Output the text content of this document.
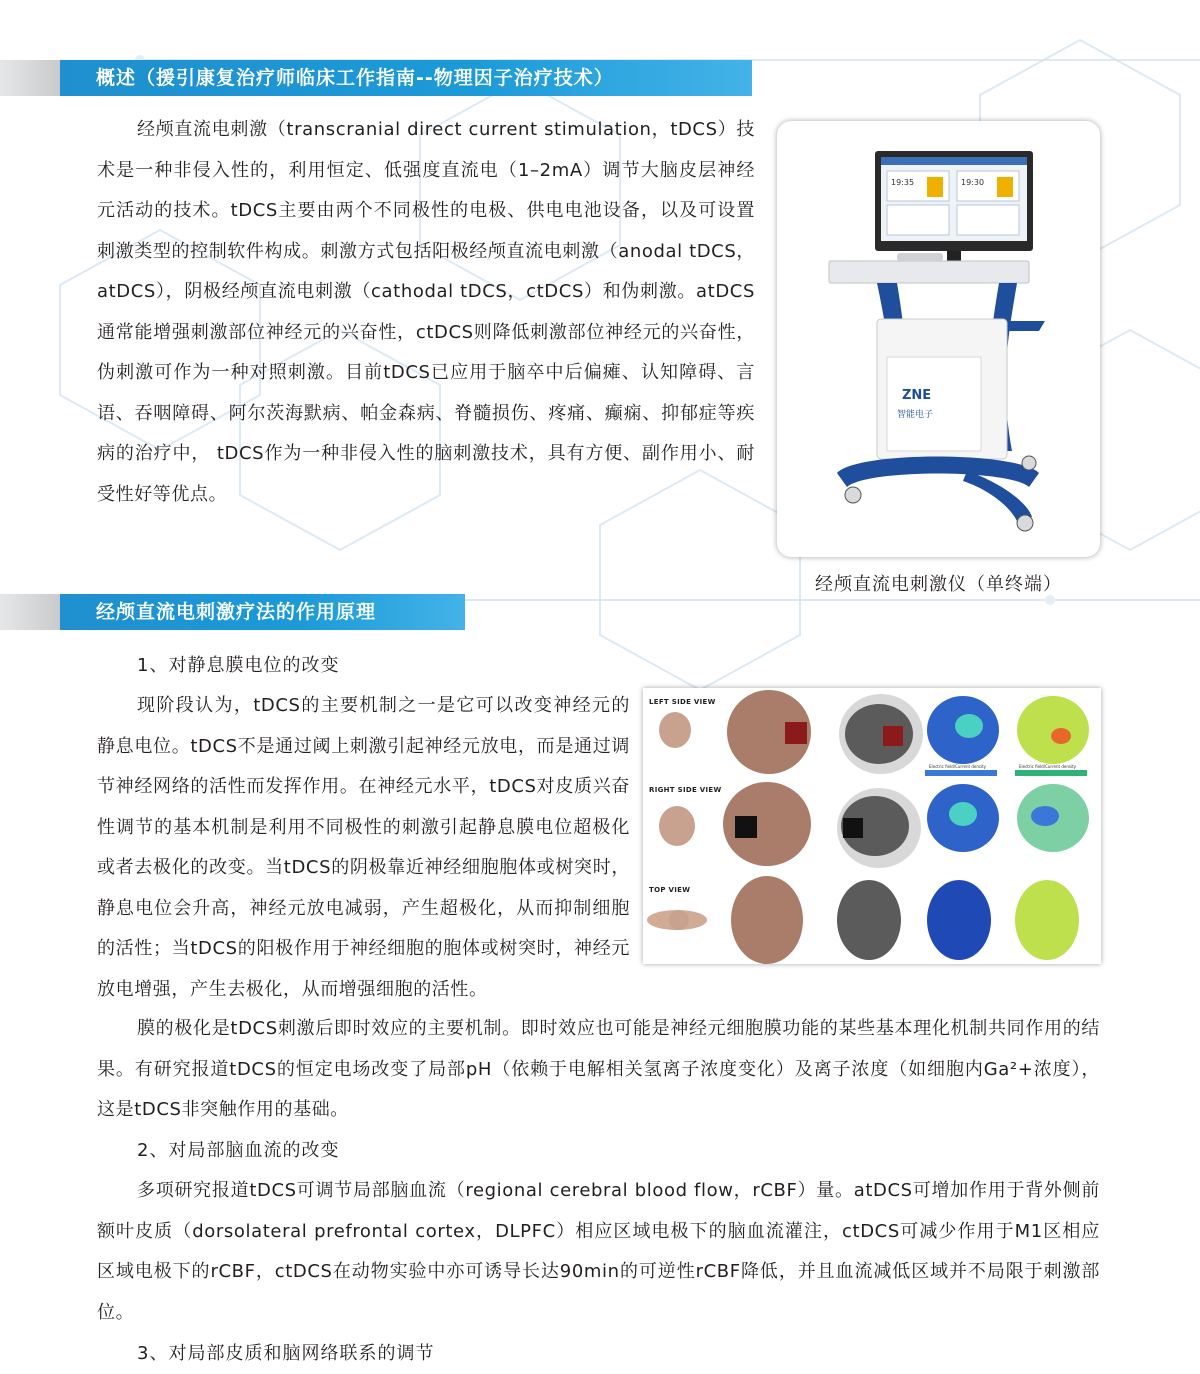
概述（援引康复治疗师临床工作指南--物理因子治疗技术）

经颅直流电刺激（transcranial direct current stimulation，tDCS）技术是一种非侵入性的，利用恒定、低强度直流电（1–2mA）调节大脑皮层神经元活动的技术。tDCS主要由两个不同极性的电极、供电电池设备，以及可设置刺激类型的控制软件构成。刺激方式包括阳极经颅直流电刺激（anodal tDCS，atDCS），阴极经颅直流电刺激（cathodal tDCS，ctDCS）和伪刺激。atDCS通常能增强刺激部位神经元的兴奋性，ctDCS则降低刺激部位神经元的兴奋性，伪刺激可作为一种对照刺激。目前tDCS已应用于脑卒中后偏瘫、认知障碍、言语、吞咽障碍、阿尔茨海默病、帕金森病、脊髓损伤、疼痛、癫痫、抑郁症等疾病的治疗中， tDCS作为一种非侵入性的脑刺激技术，具有方便、副作用小、耐受性好等优点。

19:35	19:30
ZNE
智能电子
经颅直流电刺激仪（单终端）
经颅直流电刺激疗法的作用原理

1、对静息膜电位的改变

Electric field/Current density	Electric field/Current density
LEFT SIDE VIEW
RIGHT SIDE VIEW
TOP VIEW

现阶段认为，tDCS的主要机制之一是它可以改变神经元的静息电位。tDCS不是通过阈上刺激引起神经元放电，而是通过调节神经网络的活性而发挥作用。在神经元水平，tDCS对皮质兴奋性调节的基本机制是利用不同极性的刺激引起静息膜电位超极化或者去极化的改变。当tDCS的阴极靠近神经细胞胞体或树突时，静息电位会升高，神经元放电减弱，产生超极化，从而抑制细胞的活性；当tDCS的阳极作用于神经细胞的胞体或树突时，神经元放电增强，产生去极化，从而增强细胞的活性。

膜的极化是tDCS刺激后即时效应的主要机制。即时效应也可能是神经元细胞膜功能的某些基本理化机制共同作用的结果。有研究报道tDCS的恒定电场改变了局部pH（依赖于电解相关氢离子浓度变化）及离子浓度（如细胞内Ga²+浓度），这是tDCS非突触作用的基础。

2、对局部脑血流的改变

多项研究报道tDCS可调节局部脑血流（regional cerebral blood flow，rCBF）量。atDCS可增加作用于背外侧前额叶皮质（dorsolateral prefrontal cortex，DLPFC）相应区域电极下的脑血流灌注，ctDCS可减少作用于M1区相应区域电极下的rCBF，ctDCS在动物实验中亦可诱导长达90min的可逆性rCBF降低，并且血流减低区域并不局限于刺激部位。

3、对局部皮质和脑网络联系的调节
